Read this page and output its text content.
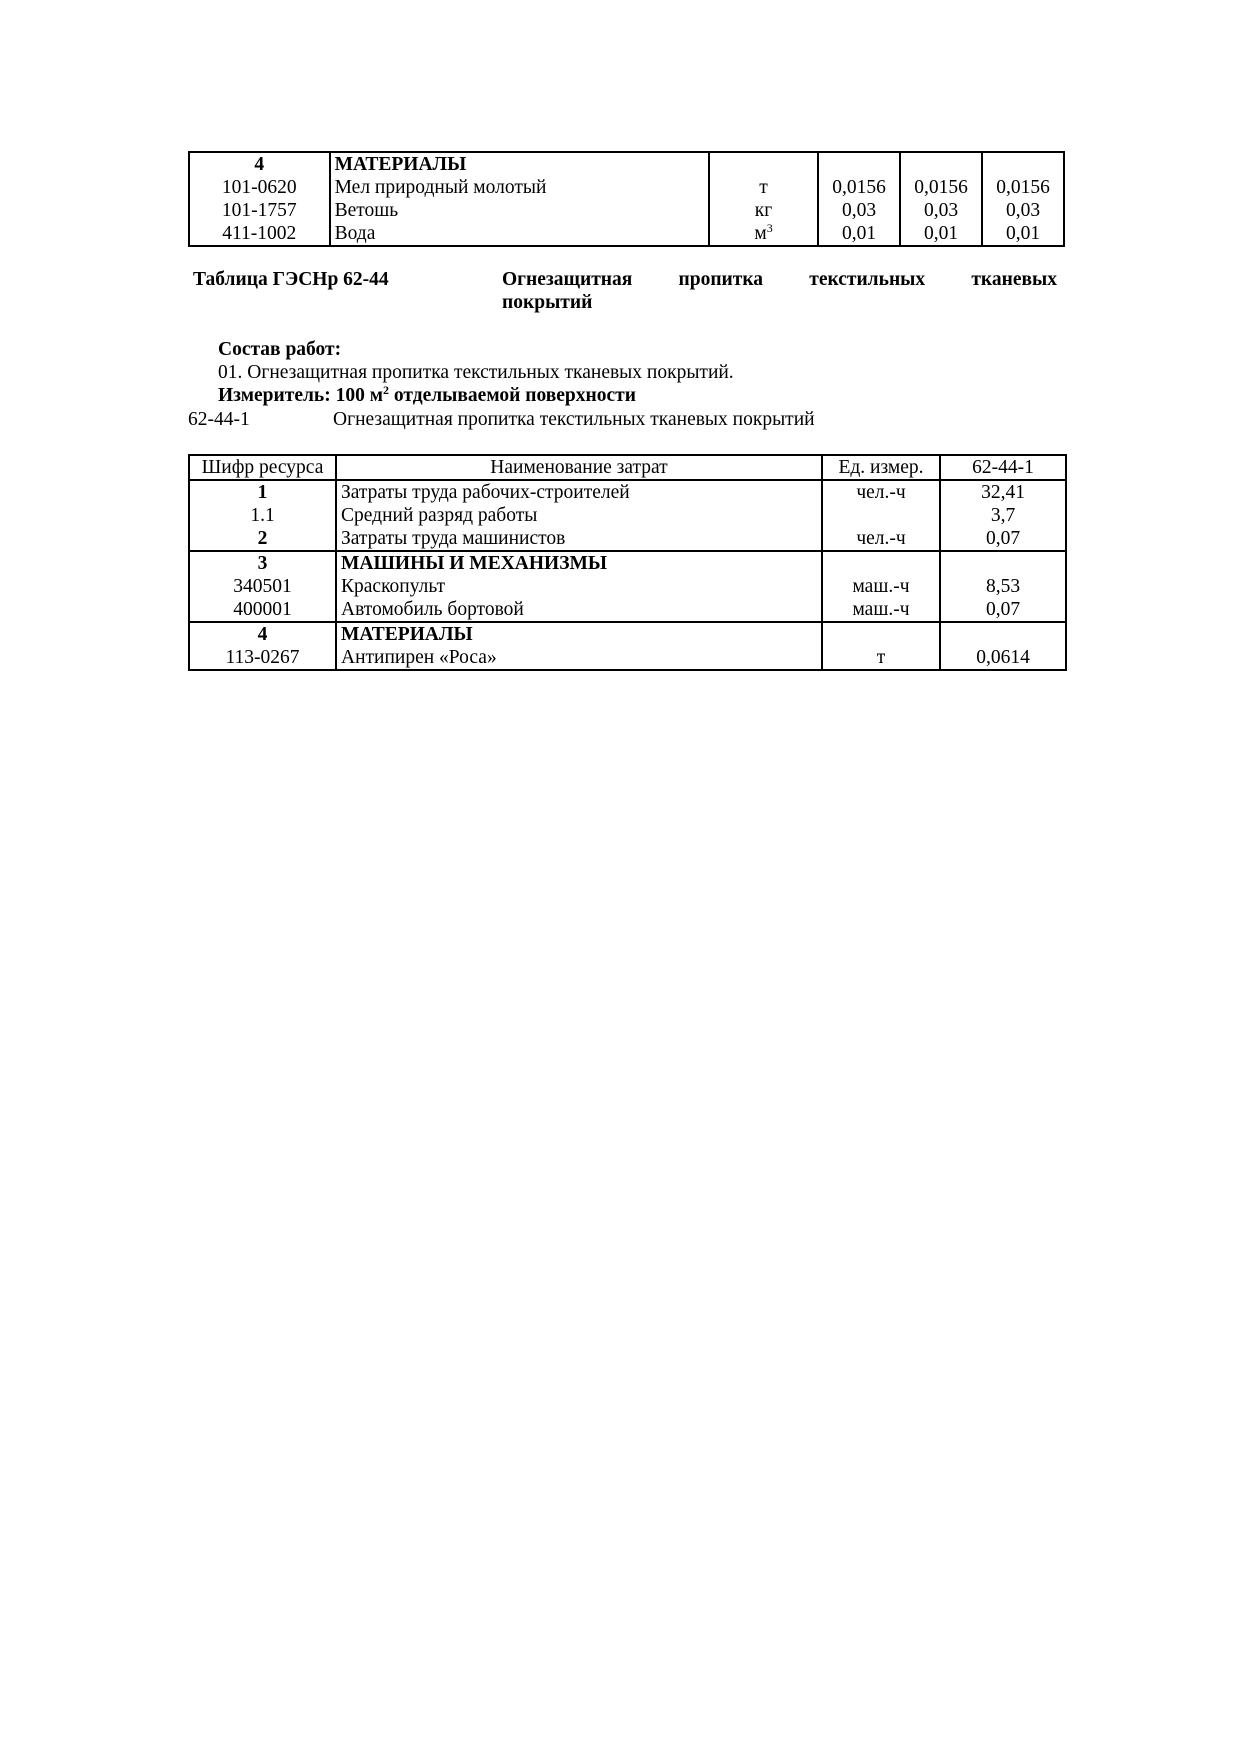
4	МАТЕРИАЛЫ				
101-0620	Мел природный молотый	т	0,0156	0,0156	0,0156
101-1757	Ветошь	кг	0,03	0,03	0,03
411-1002	Вода	$м^3$	0,01	0,01	0,01
Таблица ГЭСНр 62-44	Огнезащитная пропитка текстильных тканевых
покрытий
Состав работ:
01. Огнезащитная пропитка текстильных тканевых покрытий.
Измеритель: 100 $м^2$ отделываемой поверхности
62-44-1	Огнезащитная пропитка текстильных тканевых покрытий
Шифр ресурса	Наименование затрат	Ед. измер.	62-44-1
1	Затраты труда рабочих-строителей	чел.-ч	32,41
1.1	Средний разряд работы		3,7
2	Затраты труда машинистов	чел.-ч	0,07
3	МАШИНЫ И МЕХАНИЗМЫ		
340501	Краскопульт	маш.-ч	8,53
400001	Автомобиль бортовой	маш.-ч	0,07
4	МАТЕРИАЛЫ		
113-0267	Антипирен «Роса»	т	0,0614
